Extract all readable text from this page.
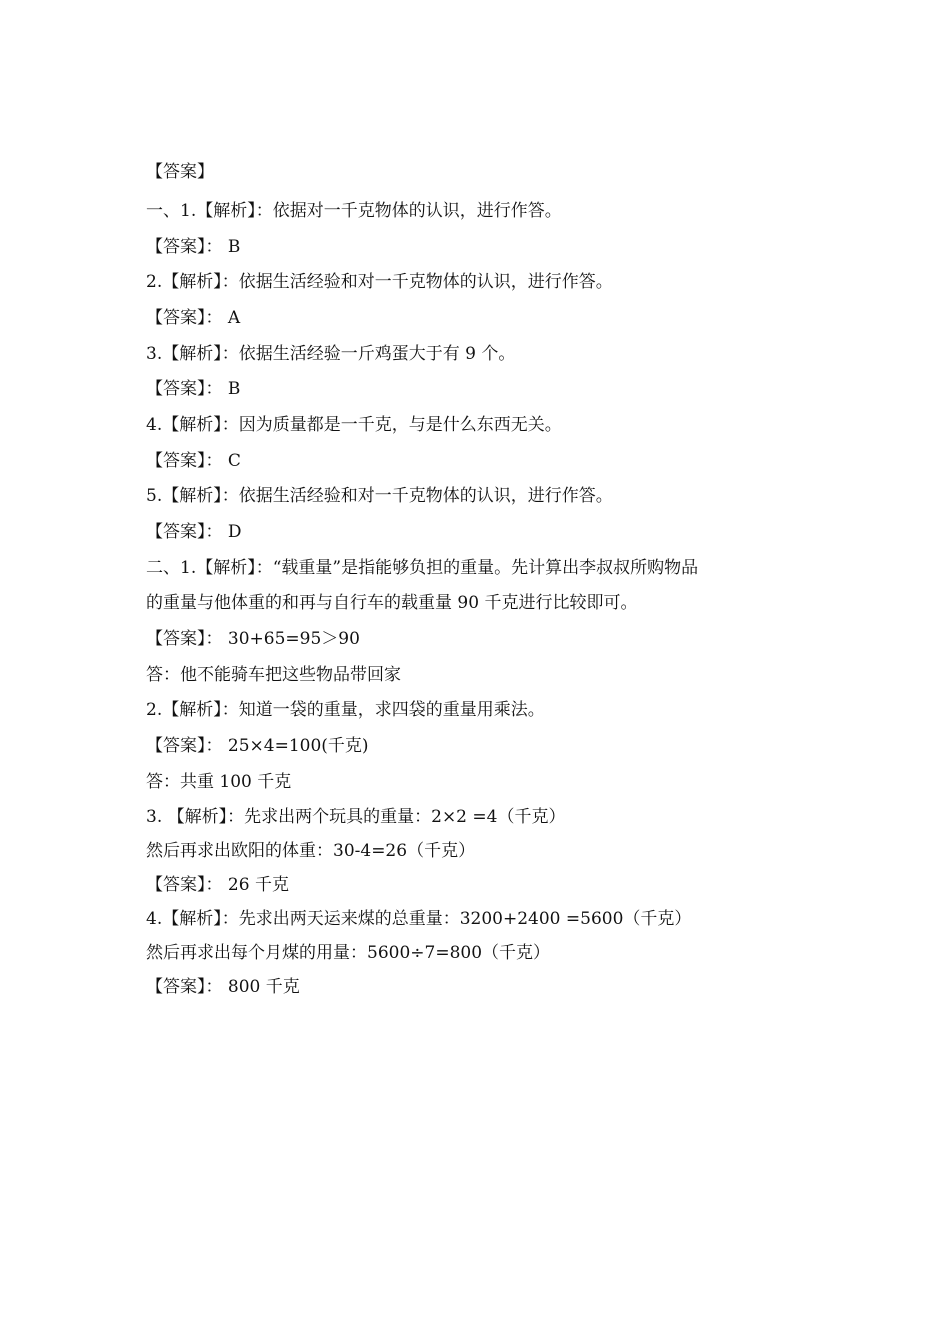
【答案】
一、1.【解析】：依据对一千克物体的认识，进行作答。
【答案】： B
2.【解析】：依据生活经验和对一千克物体的认识，进行作答。
【答案】： A
3.【解析】：依据生活经验一斤鸡蛋大于有 9 个。
【答案】： B
4.【解析】：因为质量都是一千克，与是什么东西无关。
【答案】： C
5.【解析】：依据生活经验和对一千克物体的认识，进行作答。
【答案】： D
二、1.【解析】：“载重量”是指能够负担的重量。先计算出李叔叔所购物品
的重量与他体重的和再与自行车的载重量 90 千克进行比较即可。
【答案】： 30+65=95＞90
答：他不能骑车把这些物品带回家
2.【解析】：知道一袋的重量，求四袋的重量用乘法。
【答案】： 25×4=100(千克)
答：共重 100 千克
3. 【解析】：先求出两个玩具的重量：2×2 =4（千克）
然后再求出欧阳的体重：30-4=26（千克）
【答案】： 26 千克
4.【解析】：先求出两天运来煤的总重量：3200+2400 =5600（千克）
然后再求出每个月煤的用量：5600÷7=800（千克）
【答案】： 800 千克
